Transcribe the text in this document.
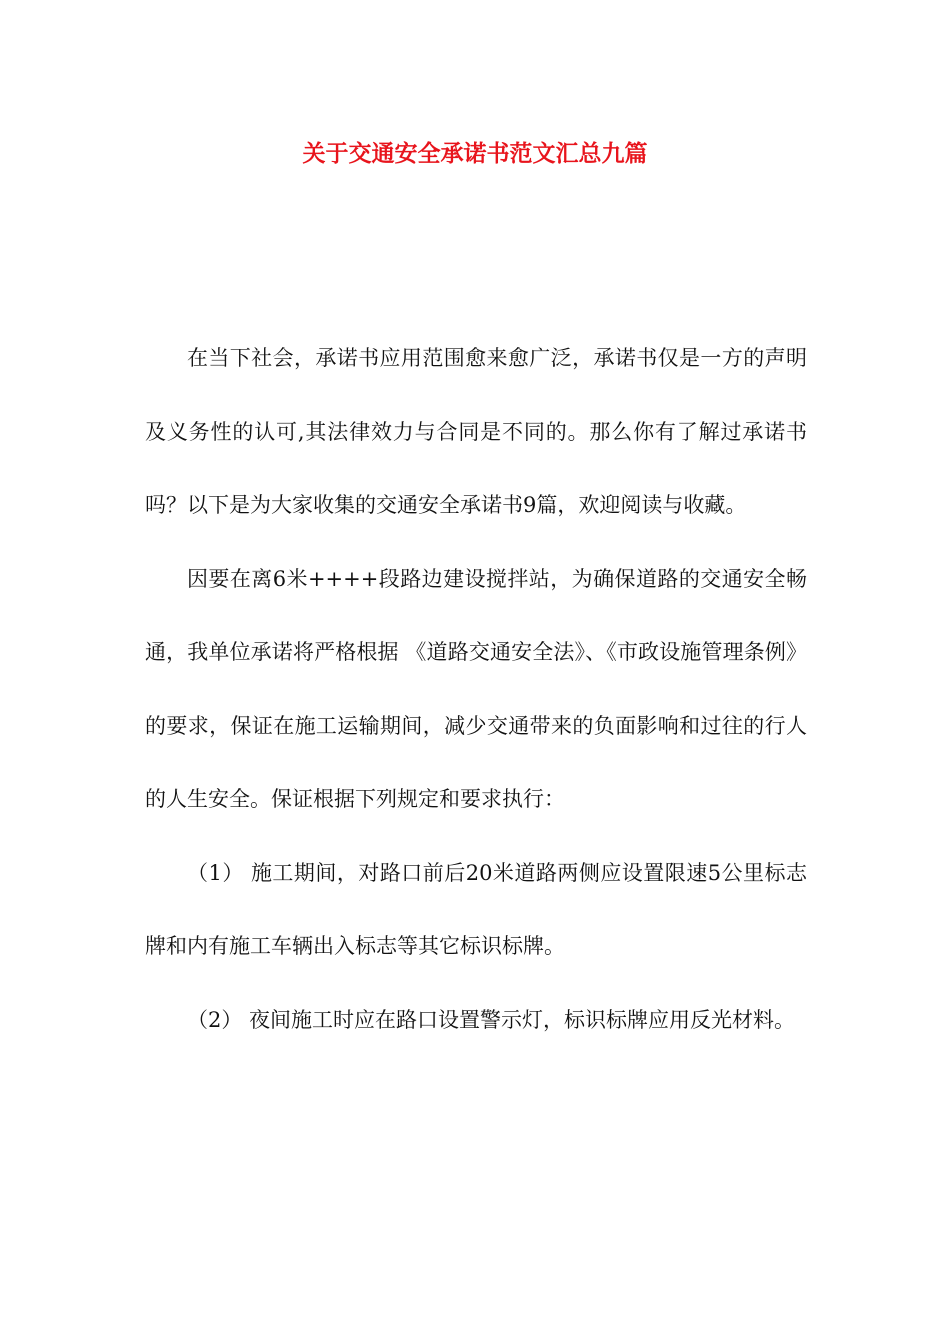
关于交通安全承诺书范文汇总九篇

在当下社会，承诺书应用范围愈来愈广泛，承诺书仅是一方的声明及义务性的认可,其法律效力与合同是不同的。那么你有了解过承诺书吗？以下是为大家收集的交通安全承诺书9篇，欢迎阅读与收藏。

因要在离6米++++段路边建设搅拌站，为确保道路的交通安全畅通，我单位承诺将严格根据 《道路交通安全法》、《市政设施管理条例》的要求，保证在施工运输期间，减少交通带来的负面影响和过往的行人的人生安全。保证根据下列规定和要求执行：

（1） 施工期间，对路口前后20米道路两侧应设置限速5公里标志牌和内有施工车辆出入标志等其它标识标牌。

（2） 夜间施工时应在路口设置警示灯，标识标牌应用反光材料。
